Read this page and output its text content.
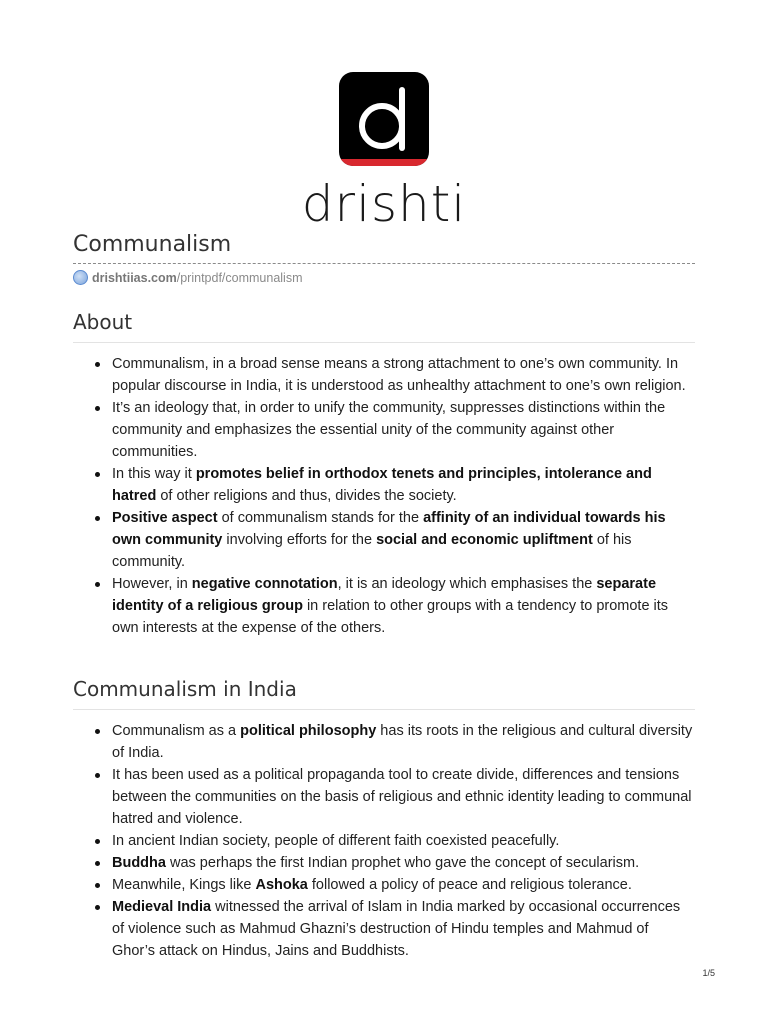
drishti
Communalism
drishtiias.com/printpdf/communalism
About
Communalism, in a broad sense means a strong attachment to one’s own community. In popular discourse in India, it is understood as unhealthy attachment to one’s own religion.
It’s an ideology that, in order to unify the community, suppresses distinctions within the community and emphasizes the essential unity of the community against other communities.
In this way it promotes belief in orthodox tenets and principles, intolerance and hatred of other religions and thus, divides the society.
Positive aspect of communalism stands for the affinity of an individual towards his own community involving efforts for the social and economic upliftment of his community.
However, in negative connotation, it is an ideology which emphasises the separate identity of a religious group in relation to other groups with a tendency to promote its own interests at the expense of the others.
Communalism in India
Communalism as a political philosophy has its roots in the religious and cultural diversity of India.
It has been used as a political propaganda tool to create divide, differences and tensions between the communities on the basis of religious and ethnic identity leading to communal hatred and violence.
In ancient Indian society, people of different faith coexisted peacefully.
Buddha was perhaps the first Indian prophet who gave the concept of secularism.
Meanwhile, Kings like Ashoka followed a policy of peace and religious tolerance.
Medieval India witnessed the arrival of Islam in India marked by occasional occurrences of violence such as Mahmud Ghazni’s destruction of Hindu temples and Mahmud of Ghor’s attack on Hindus, Jains and Buddhists.
1/5
